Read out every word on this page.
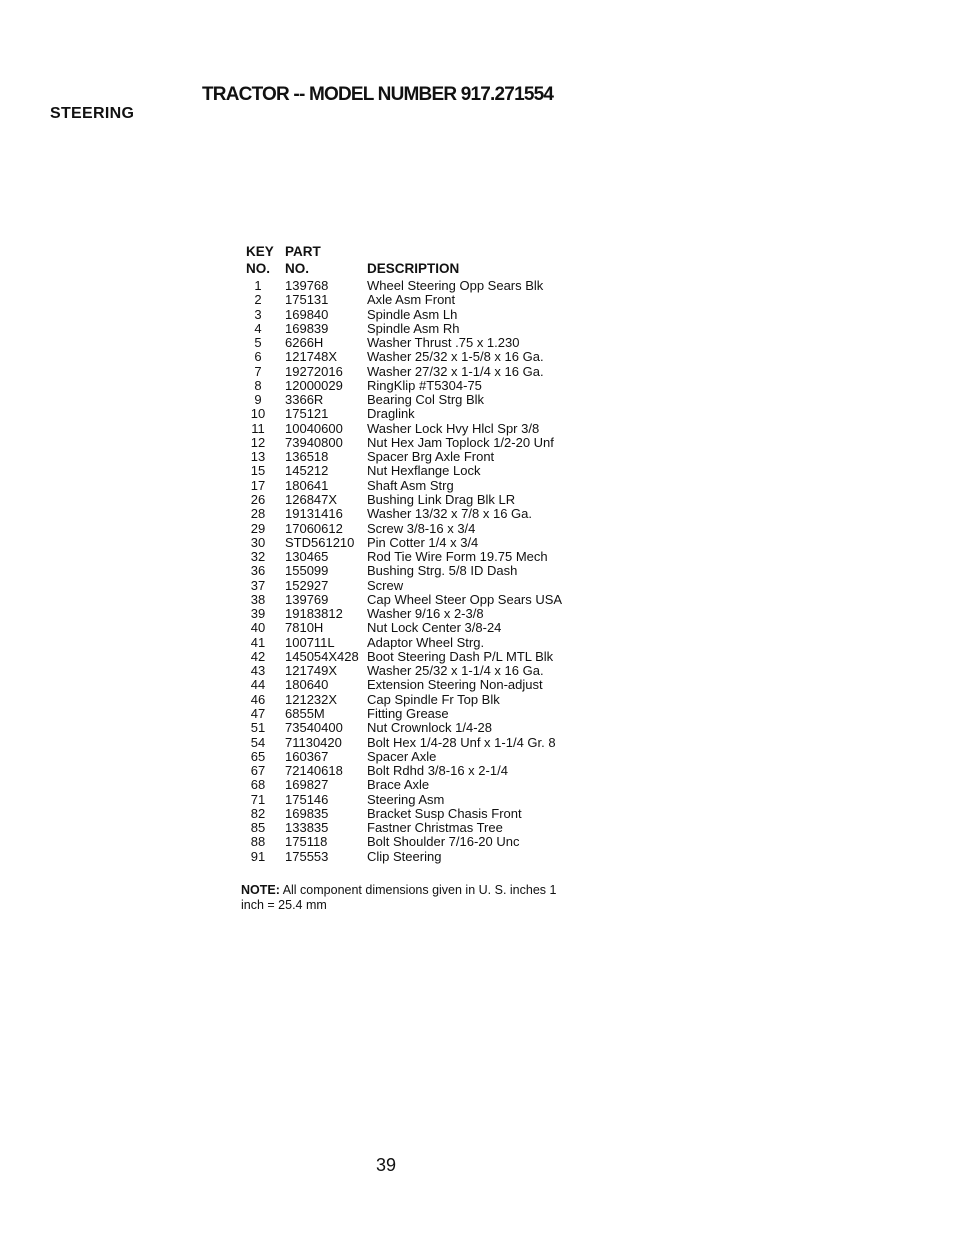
TRACTOR -- MODEL NUMBER 917.271554
STEERING
KEY
NO.
PART
NO.	DESCRIPTION
1	139768	Wheel Steering Opp Sears Blk
2	175131	Axle Asm Front
3	169840	Spindle Asm Lh
4	169839	Spindle Asm Rh
5	6266H	Washer Thrust .75 x 1.230
6	121748X Washer 25/32 x 1-5/8 x 16 Ga.
7	19272016 Washer 27/32 x 1-1/4 x 16 Ga.
8	12000029 RingKlip #T5304-75
9	3366R	Bearing Col Strg Blk
10	175121	Draglink
11	10040600 Washer Lock Hvy Hlcl Spr 3/8
12	73940800 Nut Hex Jam Toplock 1/2-20 Unf
13	136518	Spacer Brg Axle Front
15	145212	Nut Hexflange Lock
17	180641	Shaft Asm Strg
26	126847X Bushing Link Drag Blk LR
28	19131416 Washer 13/32 x 7/8 x 16 Ga.
29	17060612 Screw 3/8-16 x 3/4
30	STD561210 Pin Cotter 1/4 x 3/4
32	130465	Rod Tie Wire Form 19.75 Mech
36	155099	Bushing Strg. 5/8 ID Dash
37	152927	Screw
38	139769	Cap Wheel Steer Opp Sears USA
39	19183812 Washer 9/16 x 2-3/8
40	7810H	Nut Lock Center 3/8-24
41	100711L Adaptor Wheel Strg.
42	145054X428 Boot Steering Dash P/L MTL Blk
43	121749X Washer 25/32 x 1-1/4 x 16 Ga.
44	180640	Extension Steering Non-adjust
46	121232X Cap Spindle Fr Top Blk
47	6855M	Fitting Grease
51	73540400 Nut Crownlock 1/4-28
54	71130420 Bolt Hex 1/4-28 Unf x 1-1/4 Gr. 8
65	160367	Spacer Axle
67	72140618 Bolt Rdhd 3/8-16 x 2-1/4
68	169827	Brace Axle
71	175146	Steering Asm
82	169835	Bracket Susp Chasis Front
85	133835	Fastner Christmas Tree
88	175118	Bolt Shoulder 7/16-20 Unc
91	175553	Clip Steering
NOTE: All component dimensions given in U. S. inches 1 inch = 25.4 mm
39
